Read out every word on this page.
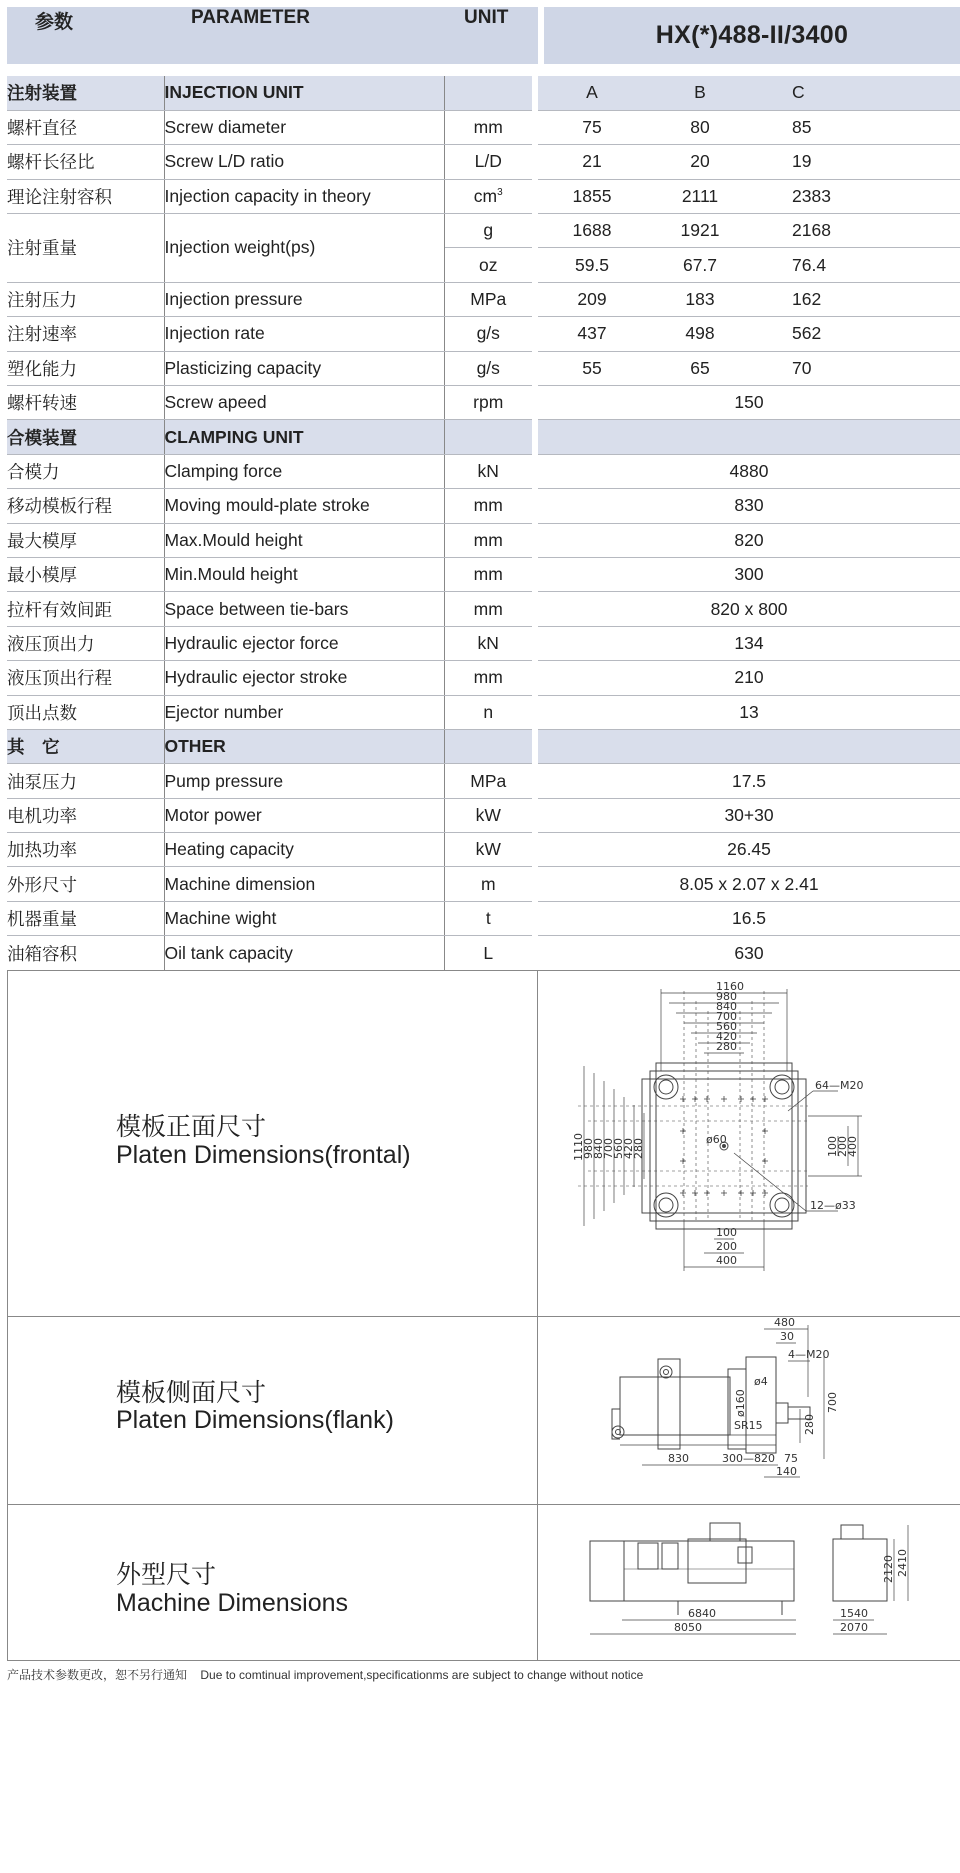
HX(*)488-II/3400
参数	PARAMETER	UNIT
注射装置	INJECTION UNIT			A B C

螺杆直径	Screw diameter	mm		75 80 85

螺杆长径比	Screw L/D ratio	L/D		21 20 19

理论注射容积	Injection capacity in theory	$cm^3$		1855 2111 2383

注射重量	Injection weight(ps)	g		1688 1921 2168

		oz		59.5 67.7 76.4

注射压力	Injection pressure	MPa		209 183 162

注射速率	Injection rate	g/s		437 498 562

塑化能力	Plasticizing capacity	g/s		55 65 70

螺杆转速	Screw apeed	rpm		150
合模装置	CLAMPING UNIT			
合模力	Clamping force	kN		4880
移动模板行程	Moving mould-plate stroke	mm		830
最大模厚	Max.Mould height	mm		820
最小模厚	Min.Mould height	mm		300
拉杆有效间距	Space between tie-bars	mm		820 x 800
液压顶出力	Hydraulic ejector force	kN		134
液压顶出行程	Hydraulic ejector stroke	mm		210
顶出点数	Ejector number	n		13
其　它	OTHER			
油泵压力	Pump pressure	MPa		17.5
电机功率	Motor power	kW		30+30
加热功率	Heating capacity	kW		26.45
外形尺寸	Machine dimension	m		8.05 x 2.07 x 2.41
机器重量	Machine wight	t		16.5
油箱容积	Oil tank capacity	L		630
模板正面尺寸
Platen Dimensions(frontal)
1160
980
840
700
560
420
280
1110
980
840
700
560
420
280	100
200
400
100
200
400
ø60
64—M20
12—ø33
模板侧面尺寸
Platen Dimensions(flank)
480
30
4—M20
ø4
ø160
SR15
700
280
830	300—820 75
140
外型尺寸
Machine Dimensions	6840
8050
1540
2070
2120 2410
产品技术参数更改，恕不另行通知 Due to comtinual improvement,specificationms are subject to change without notice
